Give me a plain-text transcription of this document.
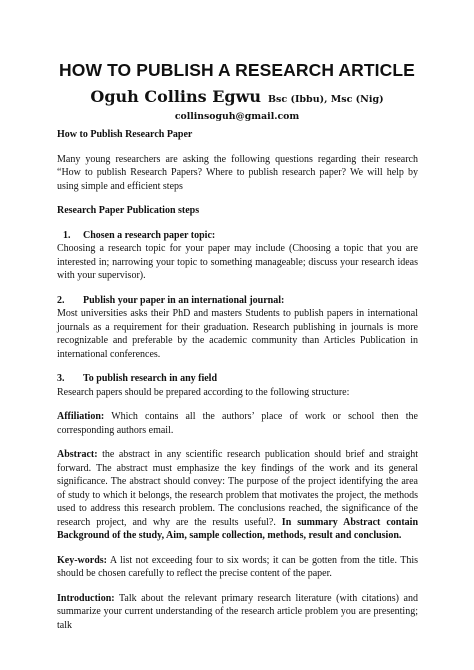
HOW TO PUBLISH A RESEARCH ARTICLE
Oguh Collins Egwu Bsc (Ibbu), Msc (Nig)
collinsoguh@gmail.com

How to Publish Research Paper

Many young researchers are asking the following questions regarding their research “How to publish Research Papers? Where to publish research paper? We will help by using simple and efficient steps

Research Paper Publication steps

1. Chosen a research paper topic:

Choosing a research topic for your paper may include (Choosing a topic that you are interested in; narrowing your topic to something manageable; discuss your research ideas with your supervisor).

2. Publish your paper in an international journal:

Most universities asks their PhD and masters Students to publish papers in international journals as a requirement for their graduation. Research publishing in journals is more recognizable and preferable by the academic community than Articles Publication in international conferences.

3. To publish research in any field

Research papers should be prepared according to the following structure:

Affiliation: Which contains all the authors’ place of work or school then the corresponding authors email.

Abstract: the abstract in any scientific research publication should brief and straight forward. The abstract must emphasize the key findings of the work and its general significance. The abstract should convey: The purpose of the project identifying the area of study to which it belongs, the research problem that motivates the project, the methods used to address this research problem. The conclusions reached, the significance of the research project, and why are the results useful?. In summary Abstract contain Background of the study, Aim, sample collection, methods, result and conclusion.

Key-words: A list not exceeding four to six words; it can be gotten from the title. This should be chosen carefully to reflect the precise content of the paper.

Introduction: Talk about the relevant primary research literature (with citations) and summarize your current understanding of the research article problem you are presenting; talk
